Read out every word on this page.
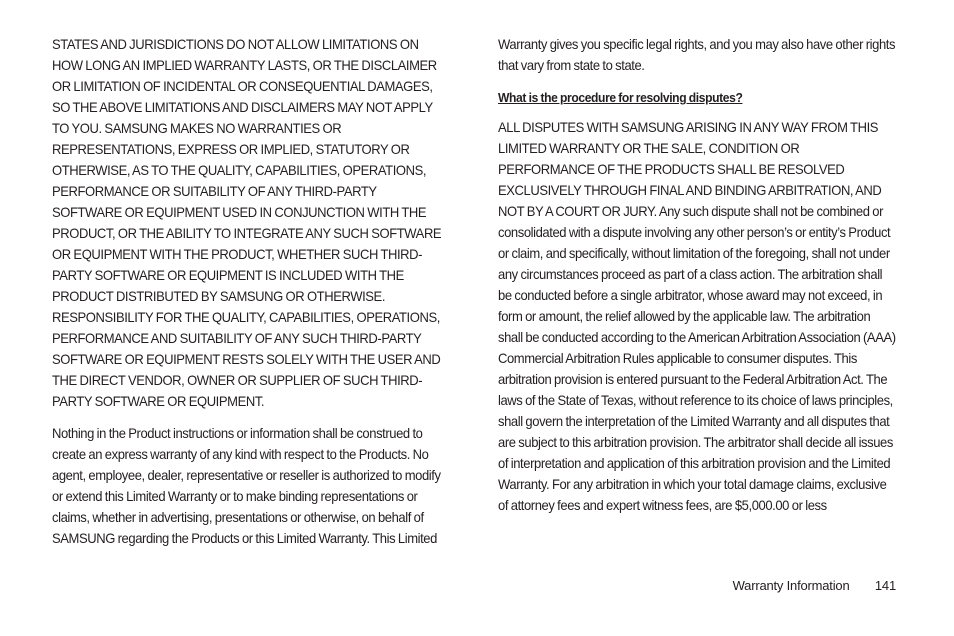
STATES AND JURISDICTIONS DO NOT ALLOW LIMITATIONS ON HOW LONG AN IMPLIED WARRANTY LASTS, OR THE DISCLAIMER OR LIMITATION OF INCIDENTAL OR CONSEQUENTIAL DAMAGES, SO THE ABOVE LIMITATIONS AND DISCLAIMERS MAY NOT APPLY TO YOU. SAMSUNG MAKES NO WARRANTIES OR REPRESENTATIONS, EXPRESS OR IMPLIED, STATUTORY OR OTHERWISE, AS TO THE QUALITY, CAPABILITIES, OPERATIONS, PERFORMANCE OR SUITABILITY OF ANY THIRD-PARTY SOFTWARE OR EQUIPMENT USED IN CONJUNCTION WITH THE PRODUCT, OR THE ABILITY TO INTEGRATE ANY SUCH SOFTWARE OR EQUIPMENT WITH THE PRODUCT, WHETHER SUCH THIRD-PARTY SOFTWARE OR EQUIPMENT IS INCLUDED WITH THE PRODUCT DISTRIBUTED BY SAMSUNG OR OTHERWISE. RESPONSIBILITY FOR THE QUALITY, CAPABILITIES, OPERATIONS, PERFORMANCE AND SUITABILITY OF ANY SUCH THIRD-PARTY SOFTWARE OR EQUIPMENT RESTS SOLELY WITH THE USER AND THE DIRECT VENDOR, OWNER OR SUPPLIER OF SUCH THIRD-PARTY SOFTWARE OR EQUIPMENT.

Nothing in the Product instructions or information shall be construed to create an express warranty of any kind with respect to the Products. No agent, employee, dealer, representative or reseller is authorized to modify or extend this Limited Warranty or to make binding representations or claims, whether in advertising, presentations or otherwise, on behalf of SAMSUNG regarding the Products or this Limited Warranty. This Limited

Warranty gives you specific legal rights, and you may also have other rights that vary from state to state.

What is the procedure for resolving disputes?

ALL DISPUTES WITH SAMSUNG ARISING IN ANY WAY FROM THIS LIMITED WARRANTY OR THE SALE, CONDITION OR PERFORMANCE OF THE PRODUCTS SHALL BE RESOLVED EXCLUSIVELY THROUGH FINAL AND BINDING ARBITRATION, AND NOT BY A COURT OR JURY. Any such dispute shall not be combined or consolidated with a dispute involving any other person’s or entity’s Product or claim, and specifically, without limitation of the foregoing, shall not under any circumstances proceed as part of a class action. The arbitration shall be conducted before a single arbitrator, whose award may not exceed, in form or amount, the relief allowed by the applicable law. The arbitration shall be conducted according to the American Arbitration Association (AAA) Commercial Arbitration Rules applicable to consumer disputes. This arbitration provision is entered pursuant to the Federal Arbitration Act. The laws of the State of Texas, without reference to its choice of laws principles, shall govern the interpretation of the Limited Warranty and all disputes that are subject to this arbitration provision. The arbitrator shall decide all issues of interpretation and application of this arbitration provision and the Limited Warranty. For any arbitration in which your total damage claims, exclusive of attorney fees and expert witness fees, are $5,000.00 or less

Warranty Information 141
